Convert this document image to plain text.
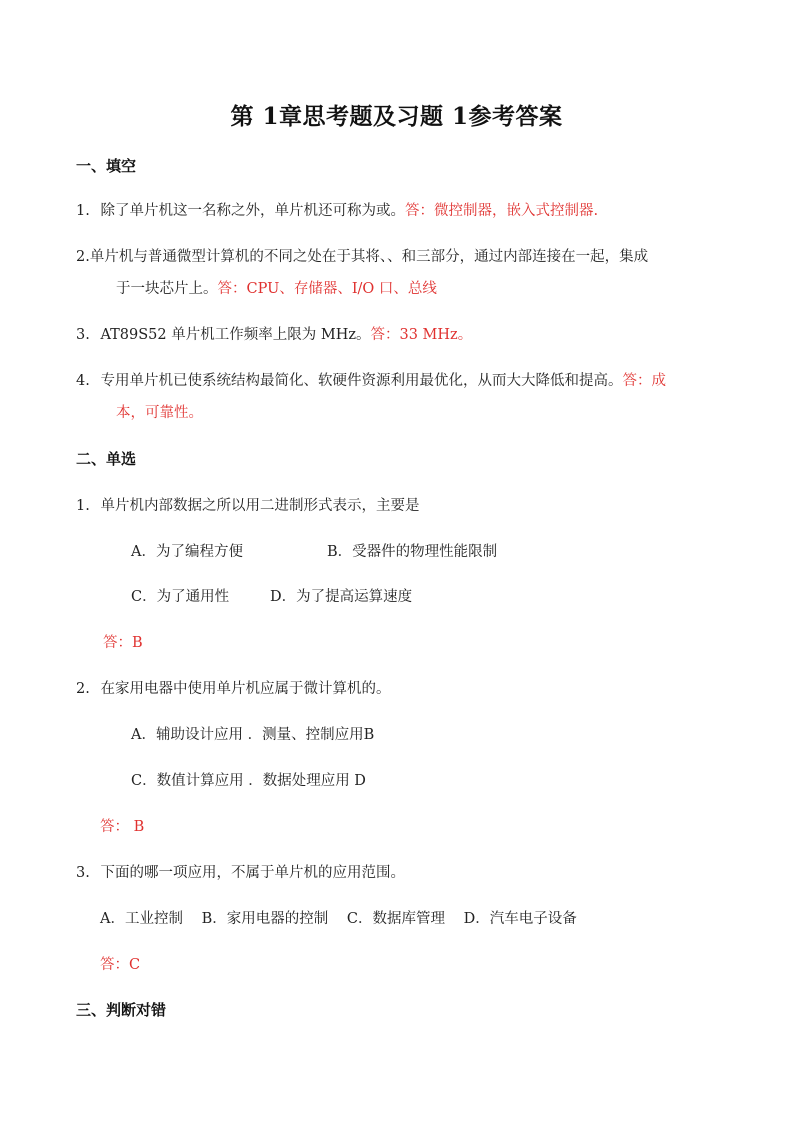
第 1章思考题及习题 1参考答案
一、填空
1. 除了单片机这一名称之外，单片机还可称为或。答：微控制器，嵌入式控制器.
2.单片机与普通微型计算机的不同之处在于其将、、和三部分，通过内部连接在一起，集成
于一块芯片上。答：CPU、存储器、I/O 口、总线
3. AT89S52 单片机工作频率上限为 MHz。答：33 MHz。
4. 专用单片机已使系统结构最简化、软硬件资源利用最优化，从而大大降低和提高。答：成
本，可靠性。
二、单选
1. 单片机内部数据之所以用二进制形式表示，主要是
A．为了编程方便	B．受器件的物理性能限制
C．为了通用性	D．为了提高运算速度
答：B
2. 在家用电器中使用单片机应属于微计算机的。
A．辅助设计应用 ．测量、控制应用B
C．数值计算应用 ．数据处理应用 D
答： B
3. 下面的哪一项应用，不属于单片机的应用范围。
A．工业控制 B．家用电器的控制 C．数据库管理 D．汽车电子设备
答：C
三、判断对错
